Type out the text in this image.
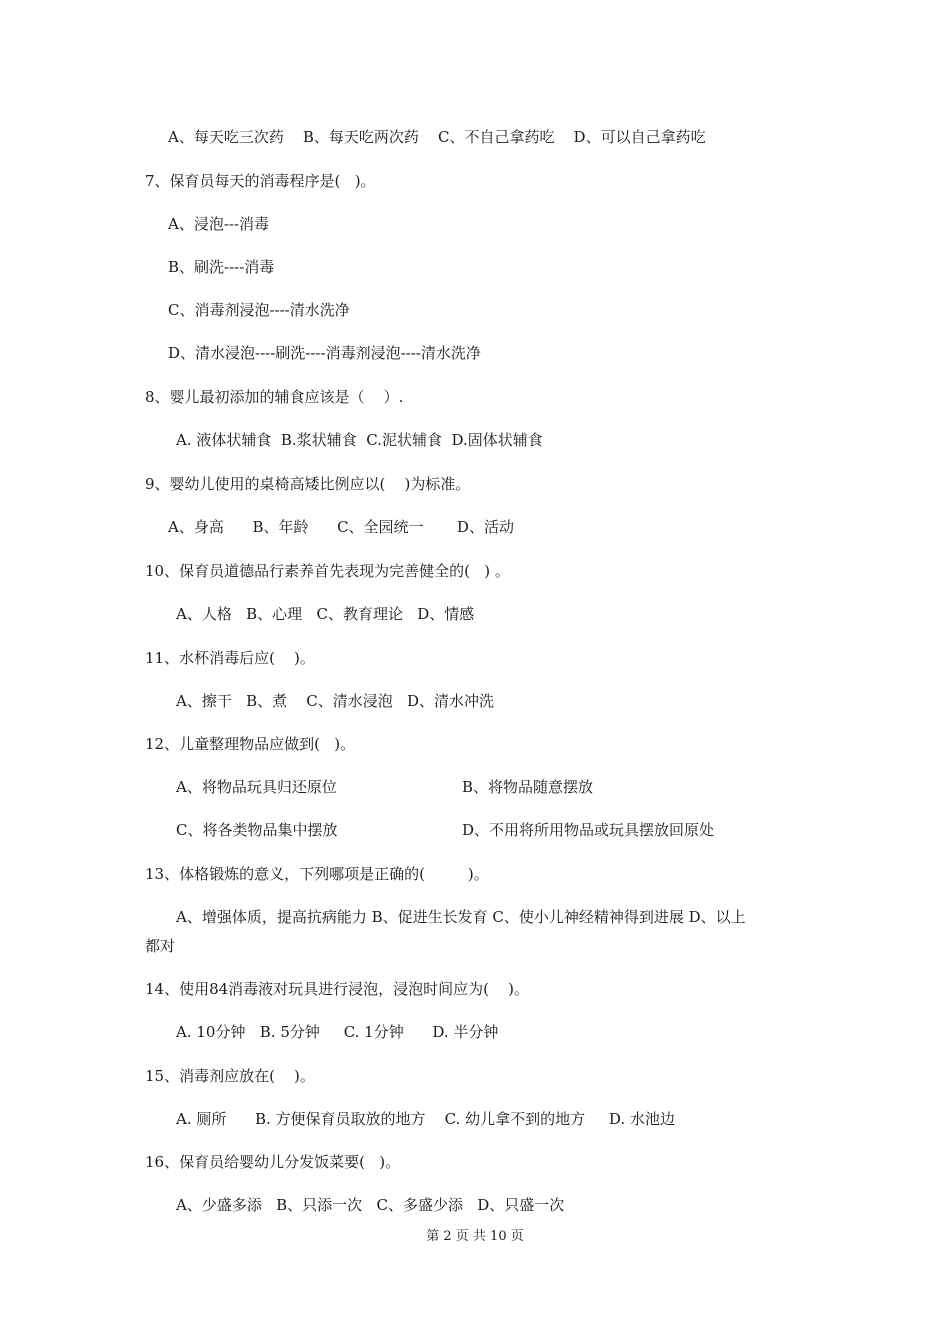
A、每天吃三次药    B、每天吃两次药    C、不自己拿药吃    D、可以自己拿药吃
7、保育员每天的消毒程序是(   )。
A、浸泡---消毒
B、刷洗----消毒
C、消毒剂浸泡----清水洗净
D、清水浸泡----刷洗----消毒剂浸泡----清水洗净
8、婴儿最初添加的辅食应该是（    ）.
A. 液体状辅食  B.浆状辅食  C.泥状辅食  D.固体状辅食
9、婴幼儿使用的桌椅高矮比例应以(    )为标准。
A、身高      B、年龄      C、全园统一       D、活动
10、保育员道德品行素养首先表现为完善健全的(   ) 。
A、人格   B、心理   C、教育理论   D、情感
11、水杯消毒后应(    )。
A、擦干   B、煮    C、清水浸泡   D、清水冲洗
12、儿童整理物品应做到(   )。
A、将物品玩具归还原位	B、将物品随意摆放
C、将各类物品集中摆放	D、不用将所用物品或玩具摆放回原处
13、体格锻炼的意义，下列哪项是正确的(         )。
A、增强体质，提高抗病能力 B、促进生长发育 C、使小儿神经精神得到进展 D、以上
都对
14、使用84消毒液对玩具进行浸泡，浸泡时间应为(    )。
A. 10分钟   B. 5分钟     C. 1分钟      D. 半分钟
15、消毒剂应放在(    )。
A. 厕所      B. 方便保育员取放的地方    C. 幼儿拿不到的地方     D. 水池边
16、保育员给婴幼儿分发饭菜要(   )。
A、少盛多添   B、只添一次   C、多盛少添   D、只盛一次
第 2 页 共 10 页
